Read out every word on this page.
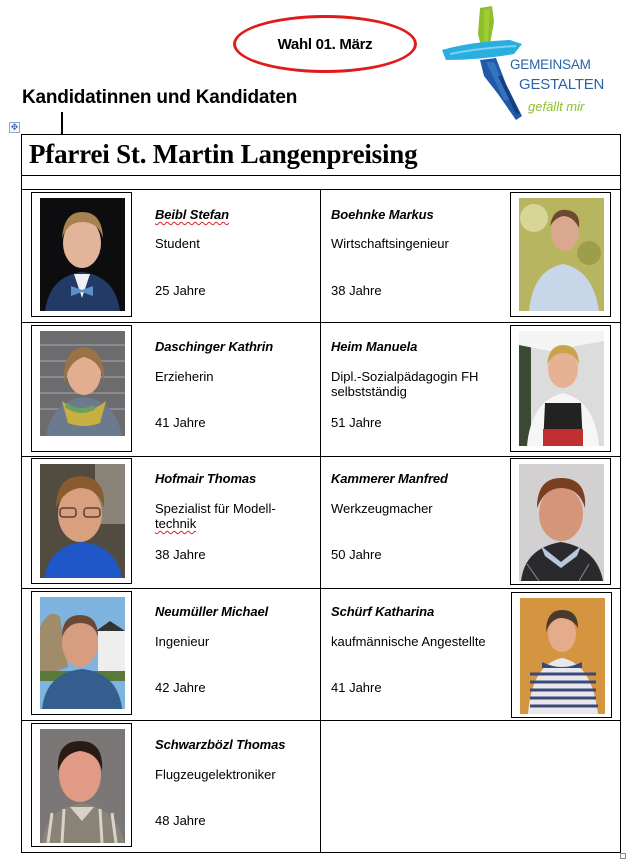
Wahl 01. März
GEMEINSAM
GESTALTEN
gefällt mir
Kandidatinnen und Kandidaten
✥
Pfarrei St. Martin Langenpreising
Beibl Stefan
Student
25 Jahre
Boehnke Markus
Wirtschaftsingenieur
38 Jahre
Daschinger Kathrin
Erzieherin
41 Jahre
Heim Manuela
Dipl.-Sozialpädagogin FH selbstständig
51 Jahre
Hofmair Thomas
Spezialist für Modell-
technik
38 Jahre
Kammerer Manfred
Werkzeugmacher
50 Jahre
Neumüller Michael
Ingenieur
42 Jahre
Schürf Katharina
kaufmännische Angestellte
41 Jahre
Schwarzbözl Thomas
Flugzeugelektroniker
48 Jahre
